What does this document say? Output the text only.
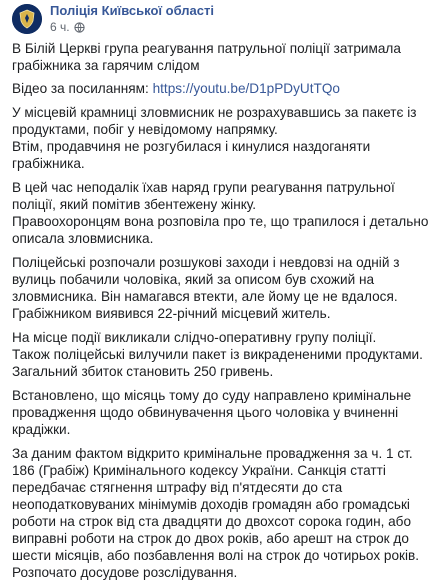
Поліція Київської області
6 ч.

В Білій Церкві група реагування патрульної поліції затримала грабіжника за гарячим слідом

Відео за посиланням: https://youtu.be/D1pPDyUtTQo

У місцевій крамниці зловмисник не розрахувавшись за пакетє із продуктами, побіг у невідомому напрямку.
Втім, продавчиня не розгубилася і кинулися наздоганяти грабіжника.

В цей час неподалік їхав наряд групи реагування патрульної поліції, який помітив збентежену жінку.
Правоохоронцям вона розповіла про те, що трапилося і детально описала зловмисника.

Поліцейські розпочали розшукові заходи і невдовзі на одній з вулиць побачили чоловіка, який за описом був схожий на зловмисника. Він намагався втекти, але йому це не вдалося.
Грабіжником виявився 22-річний місцевий житель.

На місце події викликали слідчо-оперативну групу поліції.
Також поліцейські вилучили пакет із викрадененими продуктами.
Загальний збиток становить 250 гривень.

Встановлено, що місяць тому до суду направлено кримінальне провадження щодо обвинувачення цього чоловіка у вчиненні крадіжки.

За даним фактом відкрито кримінальне провадження за ч. 1 ст. 186 (Грабіж) Кримінального кодексу України. Санкція статті передбачає стягнення штрафу від п'ятдесяти до ста неоподатковуваних мінімумів доходів громадян або громадські роботи на строк від ста двадцяти до двохсот сорока годин, або виправні роботи на строк до двох років, або арешт на строк до шести місяців, або позбавлення волі на строк до чотирьох років. Розпочато досудове розслідування.
